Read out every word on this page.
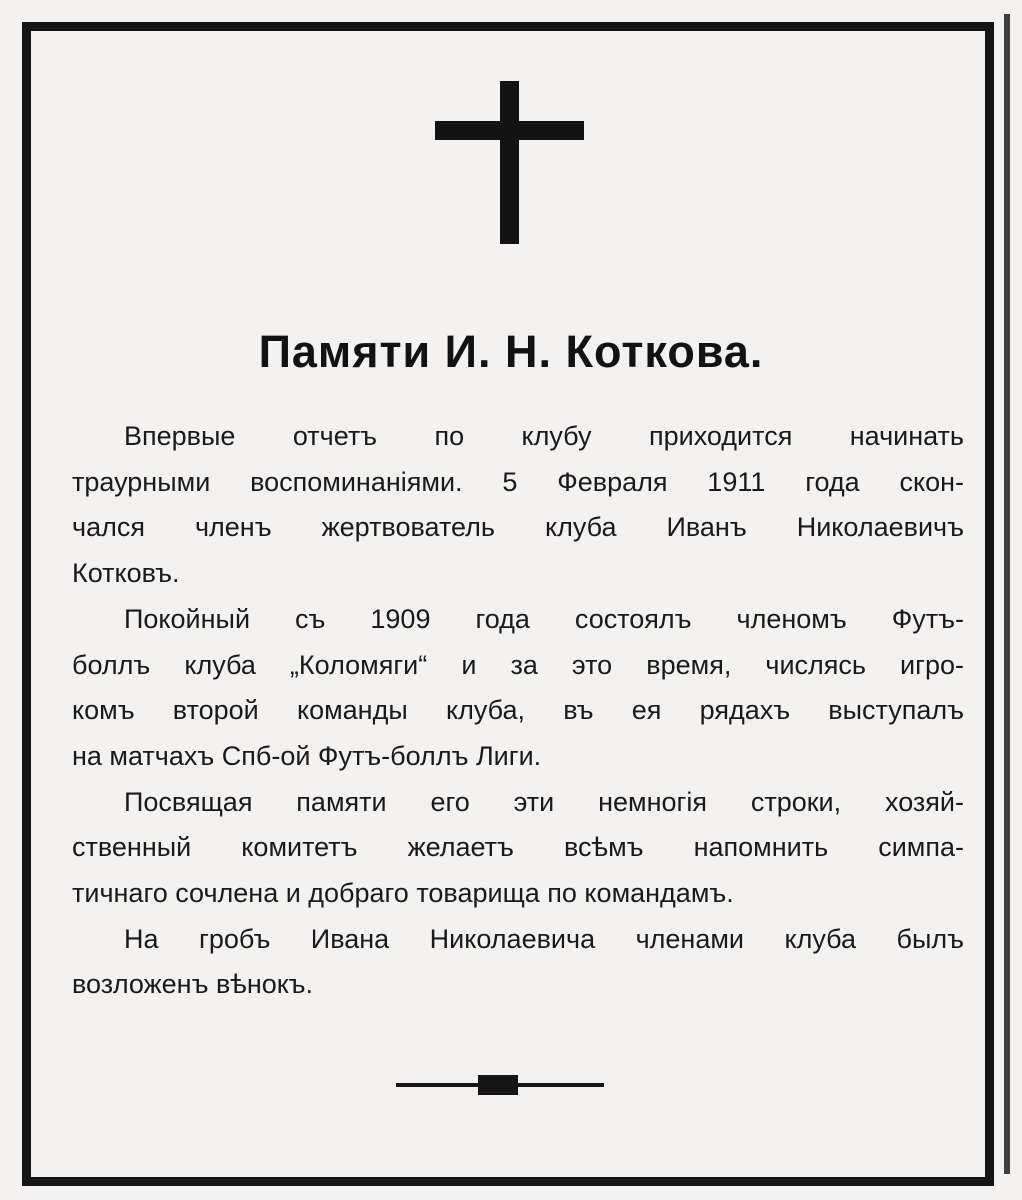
Памяти И. Н. Коткова.
Впервые отчетъ по клубу приходится начинать
траурными воспоминаніями. 5 Февраля 1911 года скон-
чался членъ жертвователь клуба Иванъ Николаевичъ
Котковъ.
Покойный съ 1909 года состоялъ членомъ Футъ-
боллъ клуба „Коломяги“ и за это время, числясь игро-
комъ второй команды клуба, въ ея рядахъ выступалъ
на матчахъ Спб-ой Футъ-боллъ Лиги.
Посвящая памяти его эти немногія строки, хозяй-
ственный комитетъ желаетъ всѣмъ напомнить симпа-
тичнаго сочлена и добраго товарища по командамъ.
На гробъ Ивана Николаевича членами клуба былъ
возложенъ вѣнокъ.
